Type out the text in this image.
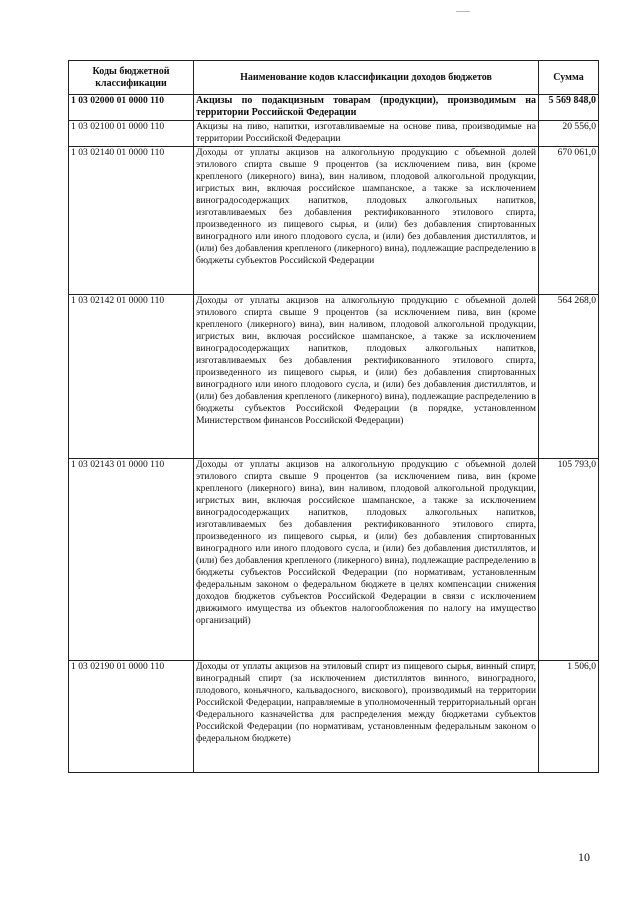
Коды бюджетной классификации	Наименование кодов классификации доходов бюджетов	Сумма
1 03 02000 01 0000 110	Акцизы по подакцизным товарам (продукции), производимым на территории Российской Федерации	5 569 848,0
1 03 02100 01 0000 110	Акцизы на пиво, напитки, изготавливаемые на основе пива, производимые на территории Российской Федерации	20 556,0
1 03 02140 01 0000 110	Доходы от уплаты акцизов на алкогольную продукцию с объемной долей этилового спирта свыше 9 процентов (за исключением пива, вин (кроме крепленого (ликерного) вина), вин наливом, плодовой алкогольной продукции, игристых вин, включая российское шампанское, а также за исключением виноградосодержащих напитков, плодовых алкогольных напитков, изготавливаемых без добавления ректификованного этилового спирта, произведенного из пищевого сырья, и (или) без добавления спиртованных виноградного или иного плодового сусла, и (или) без добавления дистиллятов, и (или) без добавления крепленого (ликерного) вина), подлежащие распределению в бюджеты субъектов Российской Федерации	670 061,0
1 03 02142 01 0000 110	Доходы от уплаты акцизов на алкогольную продукцию с объемной долей этилового спирта свыше 9 процентов (за исключением пива, вин (кроме крепленого (ликерного) вина), вин наливом, плодовой алкогольной продукции, игристых вин, включая российское шампанское, а также за исключением виноградосодержащих напитков, плодовых алкогольных напитков, изготавливаемых без добавления ректификованного этилового спирта, произведенного из пищевого сырья, и (или) без добавления спиртованных виноградного или иного плодового сусла, и (или) без добавления дистиллятов, и (или) без добавления крепленого (ликерного) вина), подлежащие распределению в бюджеты субъектов Российской Федерации (в порядке, установленном Министерством финансов Российской Федерации)	564 268,0
1 03 02143 01 0000 110	Доходы от уплаты акцизов на алкогольную продукцию с объемной долей этилового спирта свыше 9 процентов (за исключением пива, вин (кроме крепленого (ликерного) вина), вин наливом, плодовой алкогольной продукции, игристых вин, включая российское шампанское, а также за исключением виноградосодержащих напитков, плодовых алкогольных напитков, изготавливаемых без добавления ректификованного этилового спирта, произведенного из пищевого сырья, и (или) без добавления спиртованных виноградного или иного плодового сусла, и (или) без добавления дистиллятов, и (или) без добавления крепленого (ликерного) вина), подлежащие распределению в бюджеты субъектов Российской Федерации (по нормативам, установленным федеральным законом о федеральном бюджете в целях компенсации снижения доходов бюджетов субъектов Российской Федерации в связи с исключением движимого имущества из объектов налогообложения по налогу на имущество организаций)	105 793,0
1 03 02190 01 0000 110	Доходы от уплаты акцизов на этиловый спирт из пищевого сырья, винный спирт, виноградный спирт (за исключением дистиллятов винного, виноградного, плодового, коньячного, кальвадосного, вискового), производимый на территории Российской Федерации, направляемые в уполномоченный территориальный орган Федерального казначейства для распределения между бюджетами субъектов Российской Федерации (по нормативам, установленным федеральным законом о федеральном бюджете)	1 506,0
10
